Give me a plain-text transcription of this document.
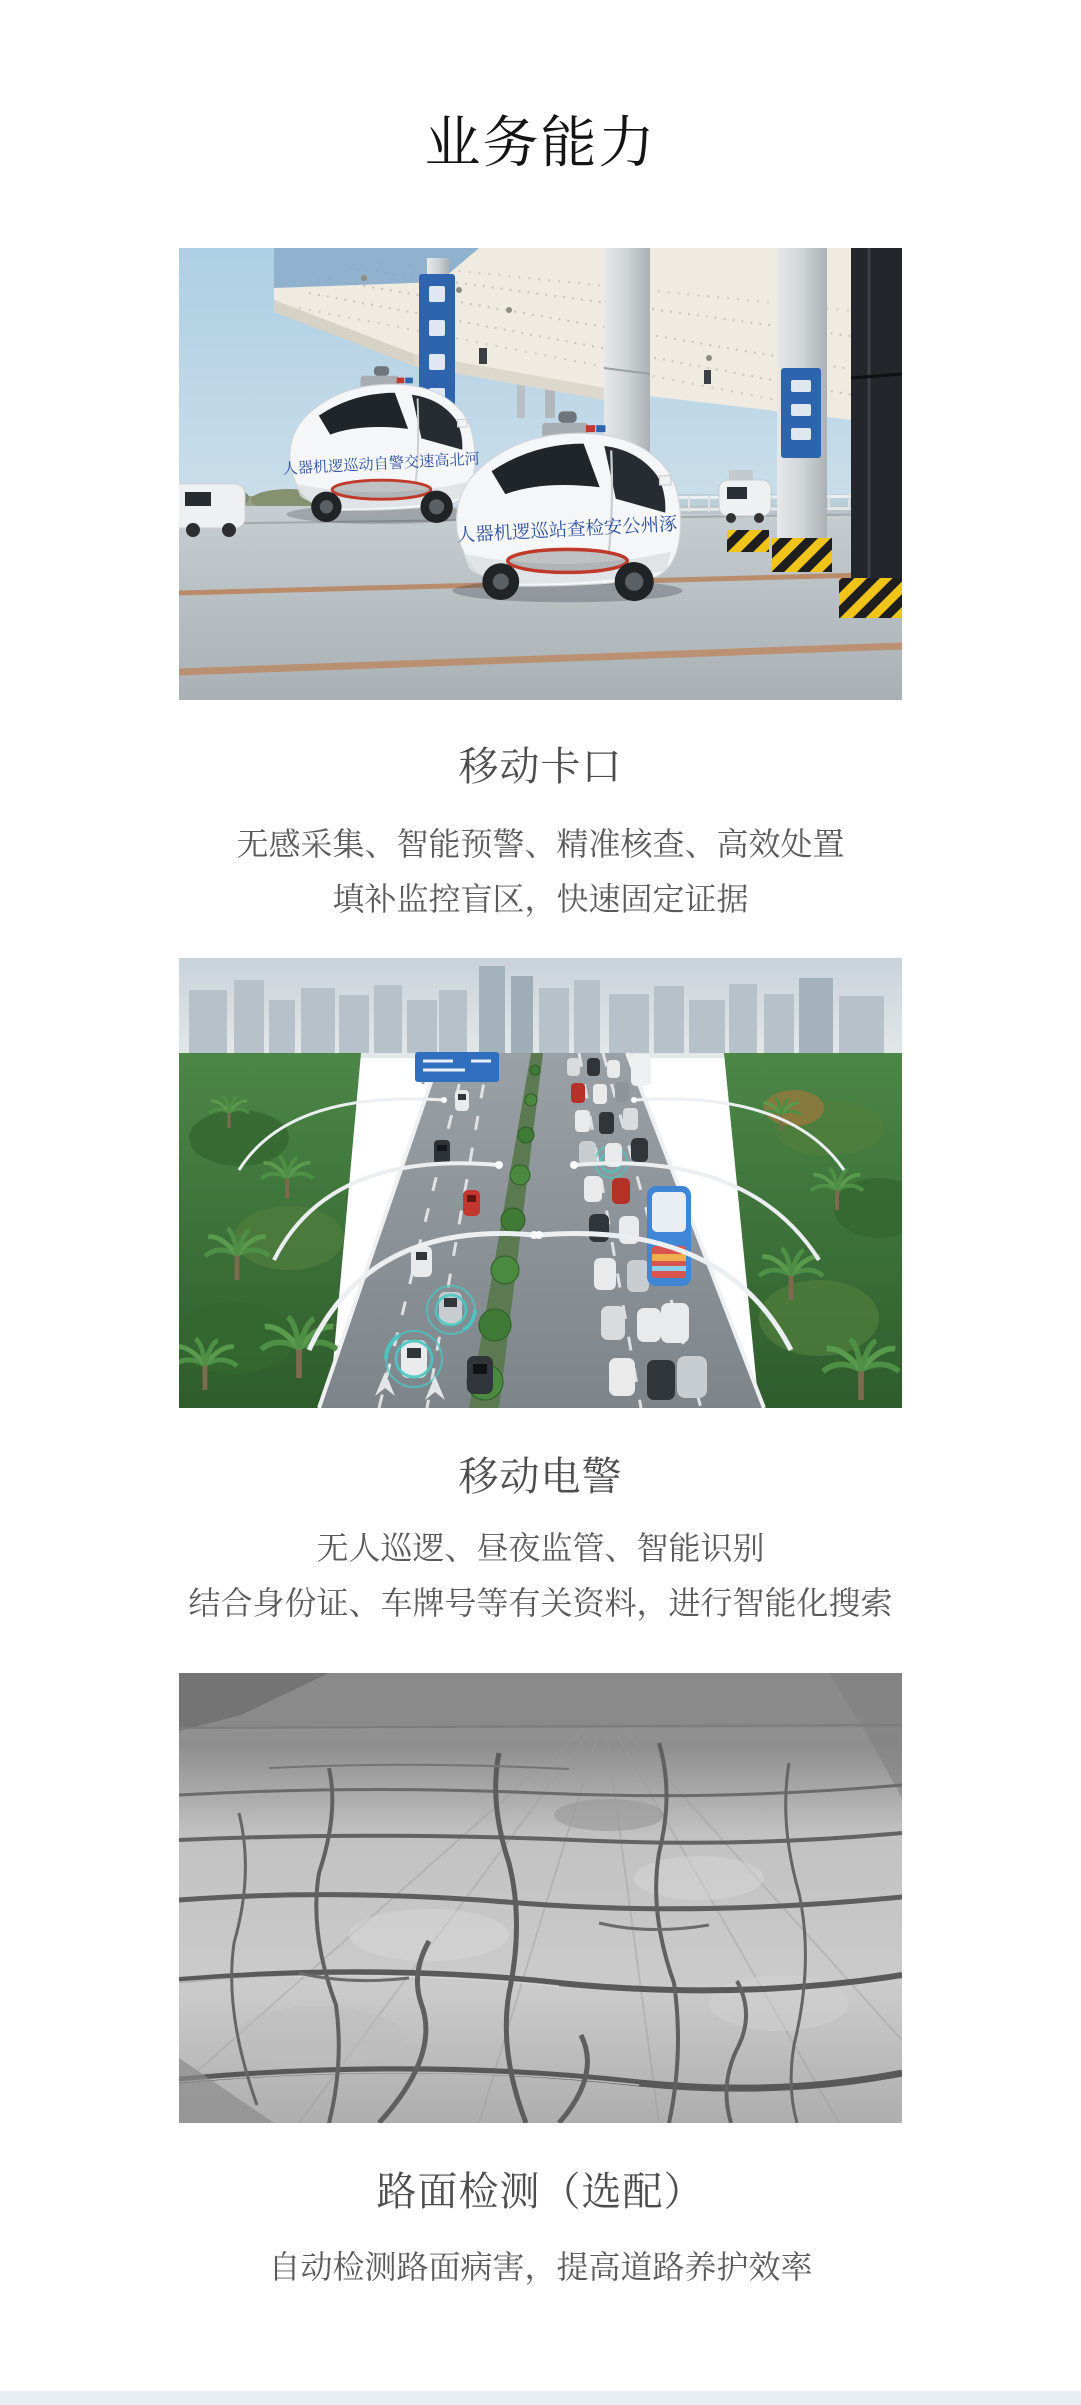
业务能力
人器机逻巡动自警交速高北河
人器机逻巡站查检安公州涿
移动卡口
无感采集、智能预警、精准核查、高效处置
填补监控盲区，快速固定证据
移动电警
无人巡逻、昼夜监管、智能识别
结合身份证、车牌号等有关资料，进行智能化搜索
路面检测（选配）
自动检测路面病害，提高道路养护效率
